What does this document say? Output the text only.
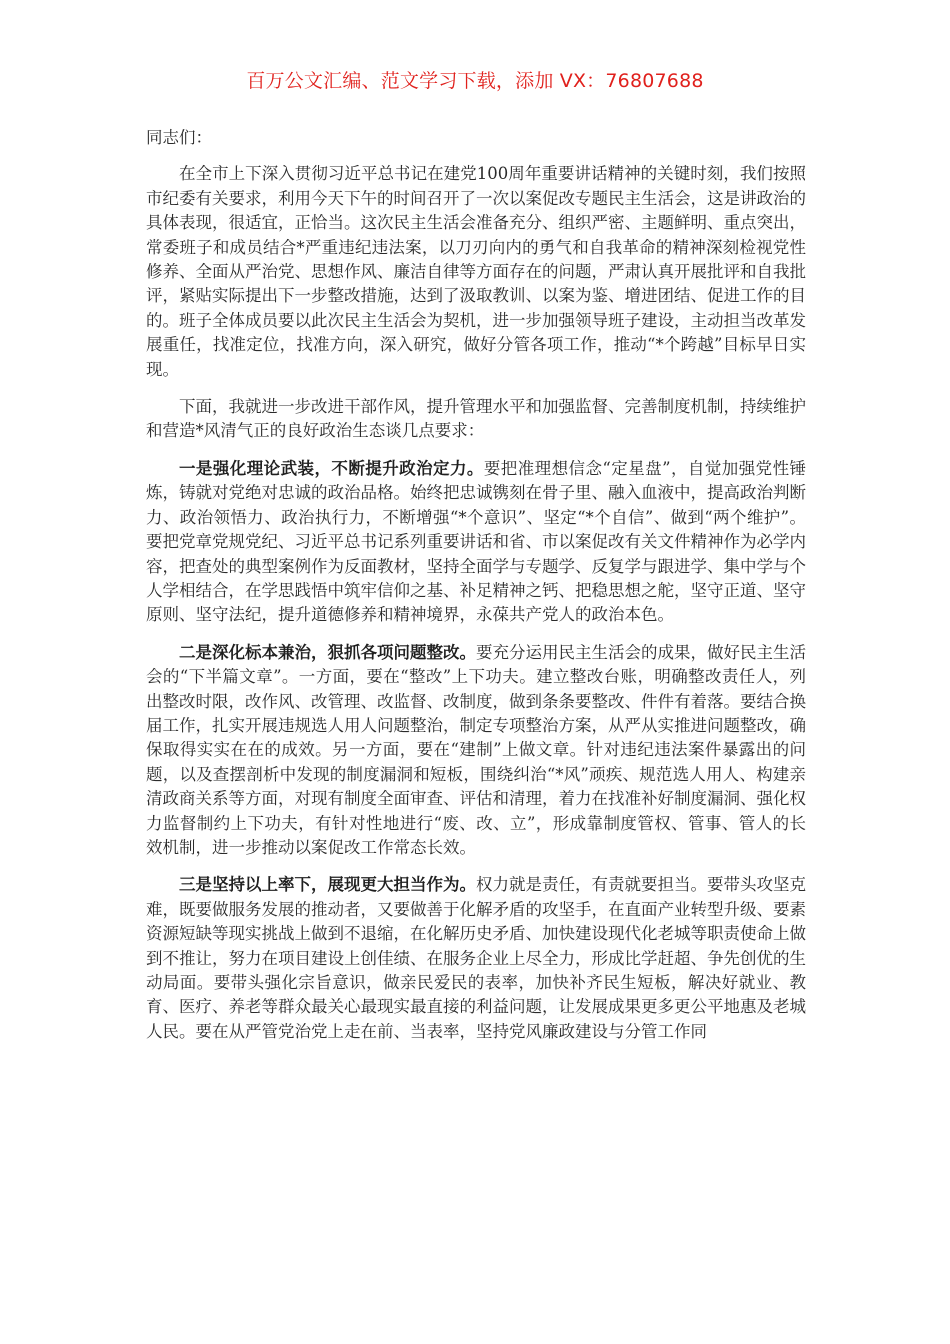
百万公文汇编、范文学习下载，添加 VX：76807688

同志们：

在全市上下深入贯彻习近平总书记在建党100周年重要讲话精神的关键时刻，我们按照市纪委有关要求，利用今天下午的时间召开了一次以案促改专题民主生活会，这是讲政治的具体表现，很适宜，正恰当。这次民主生活会准备充分、组织严密、主题鲜明、重点突出，常委班子和成员结合*严重违纪违法案，以刀刃向内的勇气和自我革命的精神深刻检视党性修养、全面从严治党、思想作风、廉洁自律等方面存在的问题，严肃认真开展批评和自我批评，紧贴实际提出下一步整改措施，达到了汲取教训、以案为鉴、增进团结、促进工作的目的。班子全体成员要以此次民主生活会为契机，进一步加强领导班子建设，主动担当改革发展重任，找准定位，找准方向，深入研究，做好分管各项工作，推动“*个跨越”目标早日实现。

下面，我就进一步改进干部作风，提升管理水平和加强监督、完善制度机制，持续维护和营造*风清气正的良好政治生态谈几点要求：

一是强化理论武装，不断提升政治定力。要把准理想信念“定星盘”，自觉加强党性锤炼，铸就对党绝对忠诚的政治品格。始终把忠诚镌刻在骨子里、融入血液中，提高政治判断力、政治领悟力、政治执行力，不断增强“*个意识”、坚定“*个自信”、做到“两个维护”。要把党章党规党纪、习近平总书记系列重要讲话和省、市以案促改有关文件精神作为必学内容，把查处的典型案例作为反面教材，坚持全面学与专题学、反复学与跟进学、集中学与个人学相结合，在学思践悟中筑牢信仰之基、补足精神之钙、把稳思想之舵，坚守正道、坚守原则、坚守法纪，提升道德修养和精神境界，永葆共产党人的政治本色。

二是深化标本兼治，狠抓各项问题整改。要充分运用民主生活会的成果，做好民主生活会的“下半篇文章”。一方面，要在“整改”上下功夫。建立整改台账，明确整改责任人，列出整改时限，改作风、改管理、改监督、改制度，做到条条要整改、件件有着落。要结合换届工作，扎实开展违规选人用人问题整治，制定专项整治方案，从严从实推进问题整改，确保取得实实在在的成效。另一方面，要在“建制”上做文章。针对违纪违法案件暴露出的问题，以及查摆剖析中发现的制度漏洞和短板，围绕纠治“*风”顽疾、规范选人用人、构建亲清政商关系等方面，对现有制度全面审查、评估和清理，着力在找准补好制度漏洞、强化权力监督制约上下功夫，有针对性地进行“废、改、立”，形成靠制度管权、管事、管人的长效机制，进一步推动以案促改工作常态长效。

三是坚持以上率下，展现更大担当作为。权力就是责任，有责就要担当。要带头攻坚克难，既要做服务发展的推动者，又要做善于化解矛盾的攻坚手，在直面产业转型升级、要素资源短缺等现实挑战上做到不退缩，在化解历史矛盾、加快建设现代化老城等职责使命上做到不推让，努力在项目建设上创佳绩、在服务企业上尽全力，形成比学赶超、争先创优的生动局面。要带头强化宗旨意识，做亲民爱民的表率，加快补齐民生短板，解决好就业、教育、医疗、养老等群众最关心最现实最直接的利益问题，让发展成果更多更公平地惠及老城人民。要在从严管党治党上走在前、当表率，坚持党风廉政建设与分管工作同
